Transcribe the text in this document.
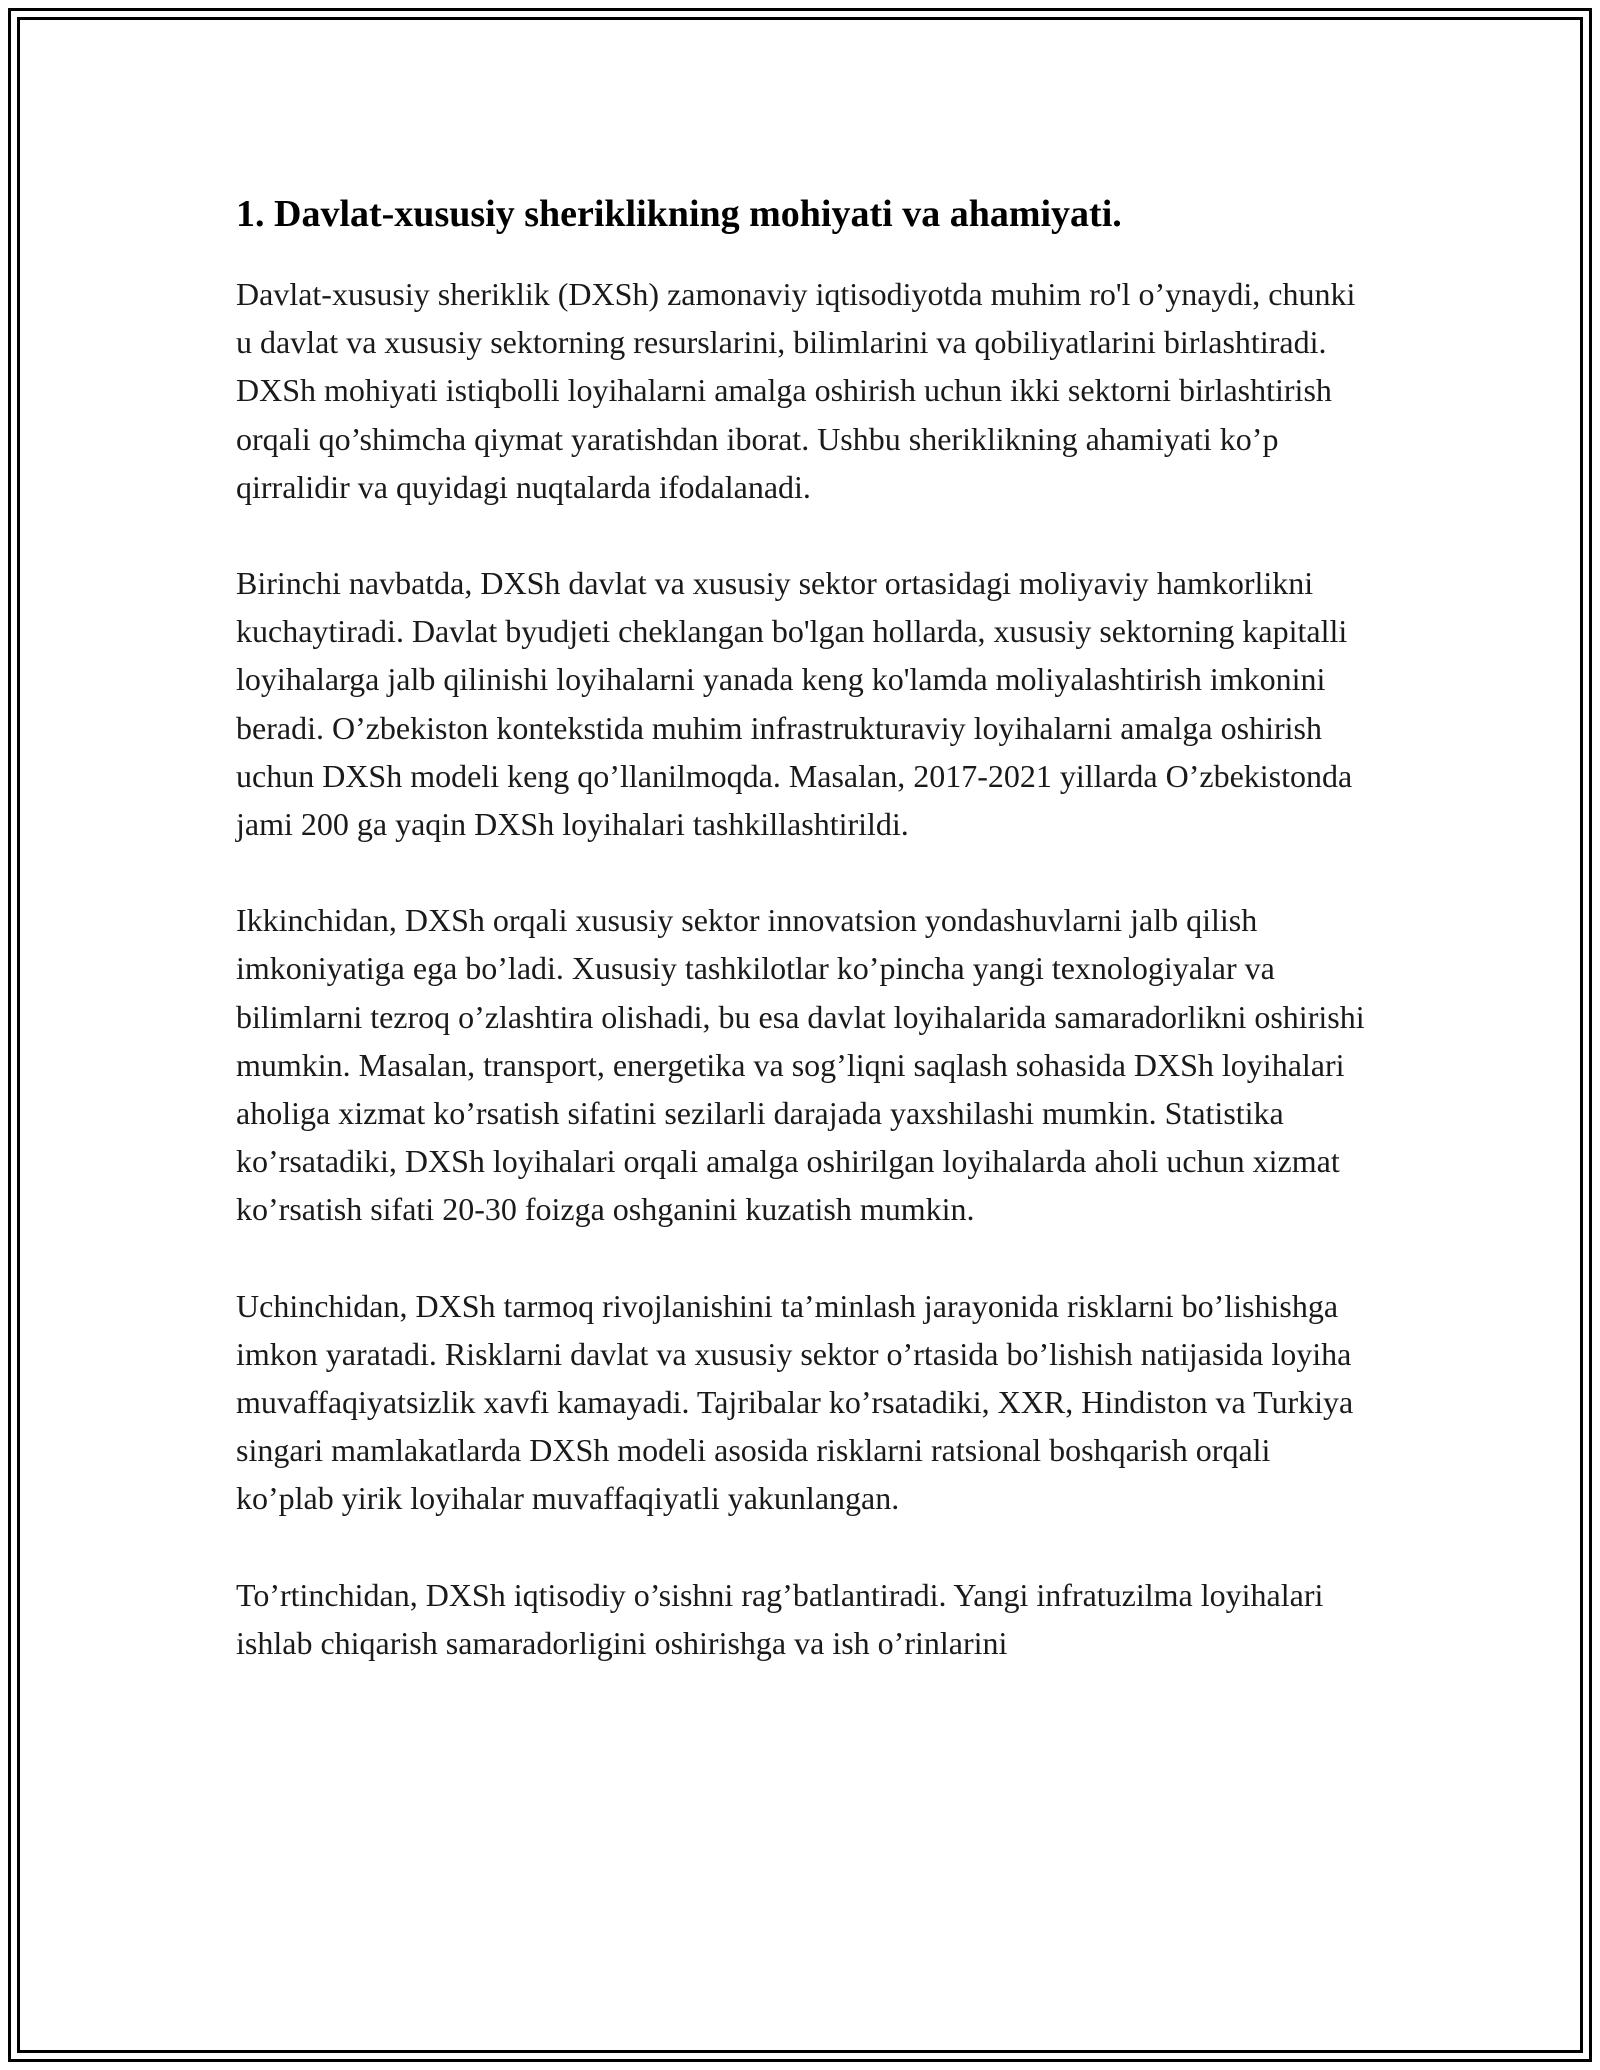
1. Davlat-xususiy sheriklikning mohiyati va ahamiyati.

Davlat-xususiy sheriklik (DXSh) zamonaviy iqtisodiyotda muhim ro'l o’ynaydi, chunki u davlat va xususiy sektorning resurslarini, bilimlarini va qobiliyatlarini birlashtiradi. DXSh mohiyati istiqbolli loyihalarni amalga oshirish uchun ikki sektorni birlashtirish orqali qo’shimcha qiymat yaratishdan iborat. Ushbu sheriklikning ahamiyati ko’p qirralidir va quyidagi nuqtalarda ifodalanadi.

Birinchi navbatda, DXSh davlat va xususiy sektor ortasidagi moliyaviy hamkorlikni kuchaytiradi. Davlat byudjeti cheklangan bo'lgan hollarda, xususiy sektorning kapitalli loyihalarga jalb qilinishi loyihalarni yanada keng ko'lamda moliyalashtirish imkonini beradi. O’zbekiston kontekstida muhim infrastrukturaviy loyihalarni amalga oshirish uchun DXSh modeli keng qo’llanilmoqda. Masalan, 2017-2021 yillarda O’zbekistonda jami 200 ga yaqin DXSh loyihalari tashkillashtirildi.

Ikkinchidan, DXSh orqali xususiy sektor innovatsion yondashuvlarni jalb qilish imkoniyatiga ega bo’ladi. Xususiy tashkilotlar ko’pincha yangi texnologiyalar va bilimlarni tezroq o’zlashtira olishadi, bu esa davlat loyihalarida samaradorlikni oshirishi mumkin. Masalan, transport, energetika va sog’liqni saqlash sohasida DXSh loyihalari aholiga xizmat ko’rsatish sifatini sezilarli darajada yaxshilashi mumkin. Statistika ko’rsatadiki, DXSh loyihalari orqali amalga oshirilgan loyihalarda aholi uchun xizmat ko’rsatish sifati 20-30 foizga oshganini kuzatish mumkin.

Uchinchidan, DXSh tarmoq rivojlanishini ta’minlash jarayonida risklarni bo’lishishga imkon yaratadi. Risklarni davlat va xususiy sektor o’rtasida bo’lishish natijasida loyiha muvaffaqiyatsizlik xavfi kamayadi. Tajribalar ko’rsatadiki, XXR, Hindiston va Turkiya singari mamlakatlarda DXSh modeli asosida risklarni ratsional boshqarish orqali ko’plab yirik loyihalar muvaffaqiyatli yakunlangan.

To’rtinchidan, DXSh iqtisodiy o’sishni rag’batlantiradi. Yangi infratuzilma loyihalari ishlab chiqarish samaradorligini oshirishga va ish o’rinlarini
